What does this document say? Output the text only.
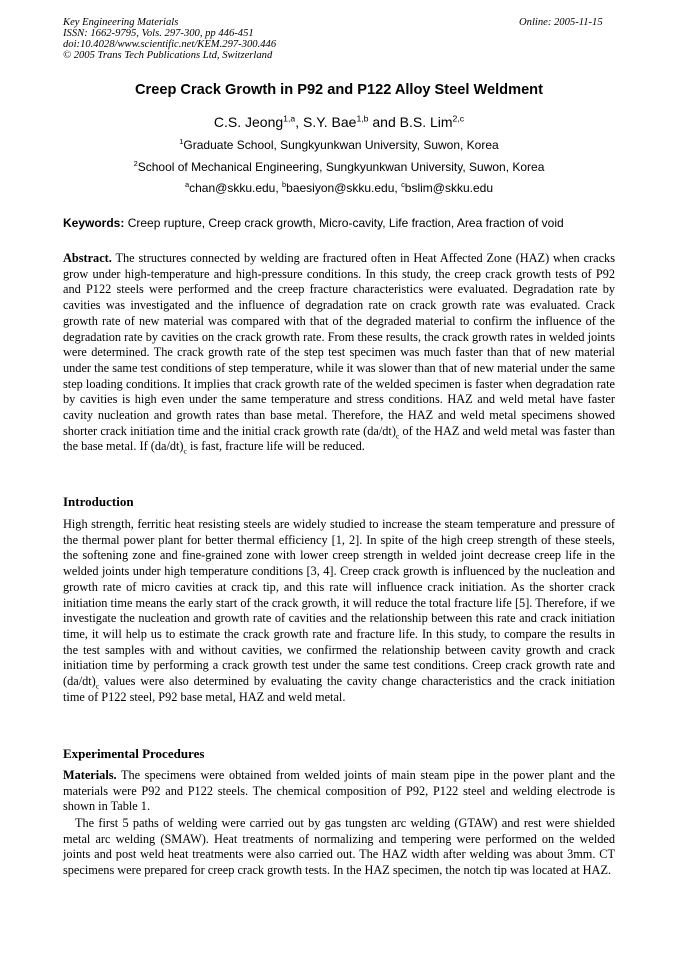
Key Engineering Materials
ISSN: 1662-9795, Vols. 297-300, pp 446-451
doi:10.4028/www.scientific.net/KEM.297-300.446
© 2005 Trans Tech Publications Ltd, Switzerland
Online: 2005-11-15
Creep Crack Growth in P92 and P122 Alloy Steel Weldment
C.S. Jeong$^{1,a}$, S.Y. Bae$^{1,b}$ and B.S. Lim$^{2,c}$
$^1$Graduate School, Sungkyunkwan University, Suwon, Korea
$^2$School of Mechanical Engineering, Sungkyunkwan University, Suwon, Korea
$^a$chan@skku.edu, $^b$baesiyon@skku.edu, $^c$bslim@skku.edu
Keywords: Creep rupture, Creep crack growth, Micro-cavity, Life fraction, Area fraction of void
Abstract. The structures connected by welding are fractured often in Heat Affected Zone (HAZ) when cracks grow under high-temperature and high-pressure conditions. In this study, the creep crack growth tests of P92 and P122 steels were performed and the creep fracture characteristics were evaluated. Degradation rate by cavities was investigated and the influence of degradation rate on crack growth rate was evaluated. Crack growth rate of new material was compared with that of the degraded material to confirm the influence of the degradation rate by cavities on the crack growth rate. From these results, the crack growth rates in welded joints were determined. The crack growth rate of the step test specimen was much faster than that of new material under the same test conditions of step temperature, while it was slower than that of new material under the same step loading conditions. It implies that crack growth rate of the welded specimen is faster when degradation rate by cavities is high even under the same temperature and stress conditions. HAZ and weld metal have faster cavity nucleation and growth rates than base metal. Therefore, the HAZ and weld metal specimens showed shorter crack initiation time and the initial crack growth rate $(da/dt)_c$ of the HAZ and weld metal was faster than the base metal. If $(da/dt)_c$ is fast, fracture life will be reduced.
Introduction
High strength, ferritic heat resisting steels are widely studied to increase the steam temperature and pressure of the thermal power plant for better thermal efficiency [1, 2]. In spite of the high creep strength of these steels, the softening zone and fine-grained zone with lower creep strength in welded joint decrease creep life in the welded joints under high temperature conditions [3, 4]. Creep crack growth is influenced by the nucleation and growth rate of micro cavities at crack tip, and this rate will influence crack initiation. As the shorter crack initiation time means the early start of the crack growth, it will reduce the total fracture life [5]. Therefore, if we investigate the nucleation and growth rate of cavities and the relationship between this rate and crack initiation time, it will help us to estimate the crack growth rate and fracture life. In this study, to compare the results in the test samples with and without cavities, we confirmed the relationship between cavity growth and crack initiation time by performing a crack growth test under the same test conditions. Creep crack growth rate and $(da/dt)_c$ values were also determined by evaluating the cavity change characteristics and the crack initiation time of P122 steel, P92 base metal, HAZ and weld metal.
Experimental Procedures
Materials. The specimens were obtained from welded joints of main steam pipe in the power plant and the materials were P92 and P122 steels. The chemical composition of P92, P122 steel and welding electrode is shown in Table 1.
The first 5 paths of welding were carried out by gas tungsten arc welding (GTAW) and rest were shielded metal arc welding (SMAW). Heat treatments of normalizing and tempering were performed on the welded joints and post weld heat treatments were also carried out. The HAZ width after welding was about 3mm. CT specimens were prepared for creep crack growth tests. In the HAZ specimen, the notch tip was located at HAZ.
